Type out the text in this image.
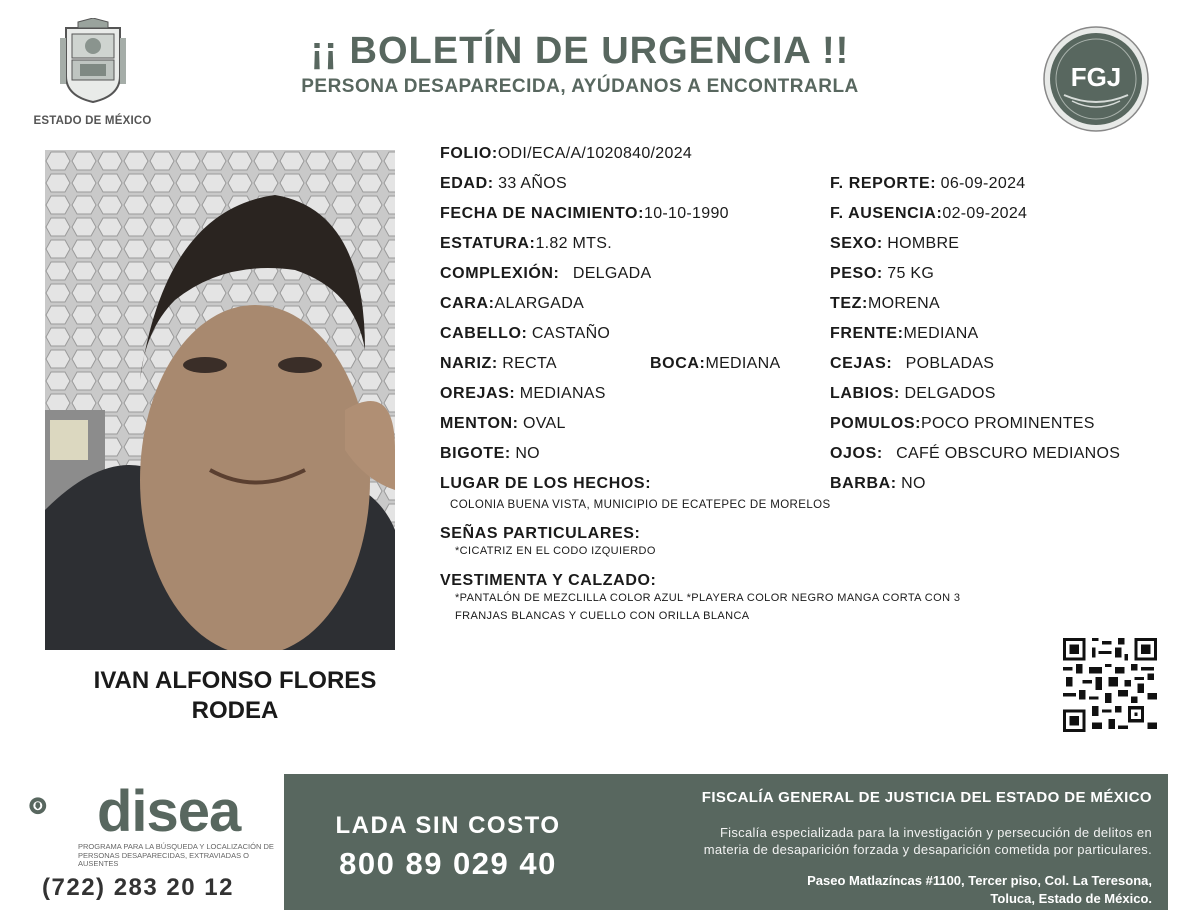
ESTADO DE MÉXICO
¡¡ BOLETÍN DE URGENCIA !!
PERSONA DESAPARECIDA, AYÚDANOS A ENCONTRARLA	FGJ
IVAN ALFONSO FLORES
RODEA
FOLIO:ODI/ECA/A/1020840/2024
EDAD: 33 AÑOS	F. REPORTE: 06-09-2024
FECHA DE NACIMIENTO:10-10-1990	F. AUSENCIA:02-09-2024
ESTATURA:1.82 MTS.	SEXO: HOMBRE
COMPLEXIÓN: DELGADA	PESO: 75 KG
CARA:ALARGADA	TEZ:MORENA
CABELLO: CASTAÑO	FRENTE:MEDIANA
NARIZ: RECTA	BOCA:MEDIANA	CEJAS: POBLADAS
OREJAS: MEDIANAS	LABIOS: DELGADOS
MENTON: OVAL	POMULOS:POCO PROMINENTES
BIGOTE: NO	OJOS: CAFÉ OBSCURO MEDIANOS
LUGAR DE LOS HECHOS:	BARBA: NO
COLONIA BUENA VISTA, MUNICIPIO DE ECATEPEC DE MORELOS
SEÑAS PARTICULARES:
*CICATRIZ EN EL CODO IZQUIERDO
VESTIMENTA Y CALZADO:
*PANTALÓN DE MEZCLILLA COLOR AZUL *PLAYERA COLOR NEGRO MANGA CORTA CON 3
FRANJAS BLANCAS Y CUELLO CON ORILLA BLANCA
disea
PROGRAMA PARA LA BÚSQUEDA Y LOCALIZACIÓN DE PERSONAS DESAPARECIDAS, EXTRAVIADAS O AUSENTES
(722) 283 20 12
LADA SIN COSTO
800 89 029 40
FISCALÍA GENERAL DE JUSTICIA DEL ESTADO DE MÉXICO
Fiscalía especializada para la investigación y persecución de delitos en
materia de desaparición forzada y desaparición cometida por particulares.
Paseo Matlazíncas #1100, Tercer piso, Col. La Teresona,
Toluca, Estado de México.
